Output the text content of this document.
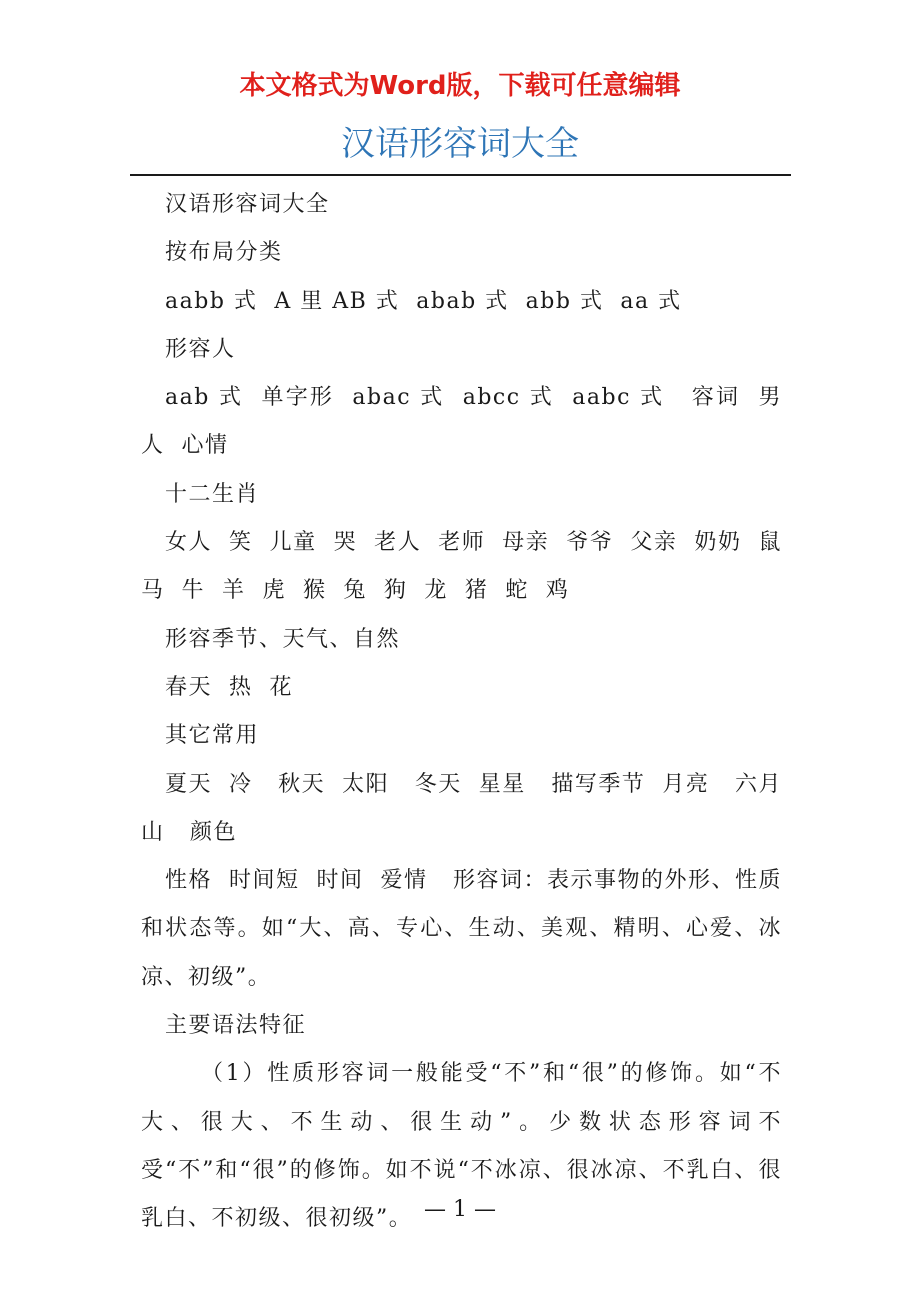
本文格式为Word版，下载可任意编辑
汉语形容词大全

汉语形容词大全

按布局分类

aabb 式  A 里 AB 式  abab 式  abb 式  aa 式

形容人

aab 式  单字形  abac 式  abcc 式  aabc 式   容词  男人  心情

十二生肖

女人  笑  儿童  哭  老人  老师  母亲  爷爷  父亲  奶奶  鼠  马  牛  羊  虎  猴  兔  狗  龙  猪  蛇  鸡

形容季节、天气、自然

春天  热  花

其它常用

夏天  冷   秋天  太阳   冬天  星星   描写季节  月亮   六月  山   颜色

性格  时间短  时间  爱情   形容词：表示事物的外形、性质和状态等。如“大、高、专心、生动、美观、精明、心爱、冰凉、初级”。

主要语法特征

（1）性质形容词一般能受“不”和“很”的修饰。如“不大、很大、不生动、很生动”。少数状态形容词不受“不”和“很”的修饰。如不说“不冰凉、很冰凉、不乳白、很乳白、不初级、很初级”。 — 1 —
